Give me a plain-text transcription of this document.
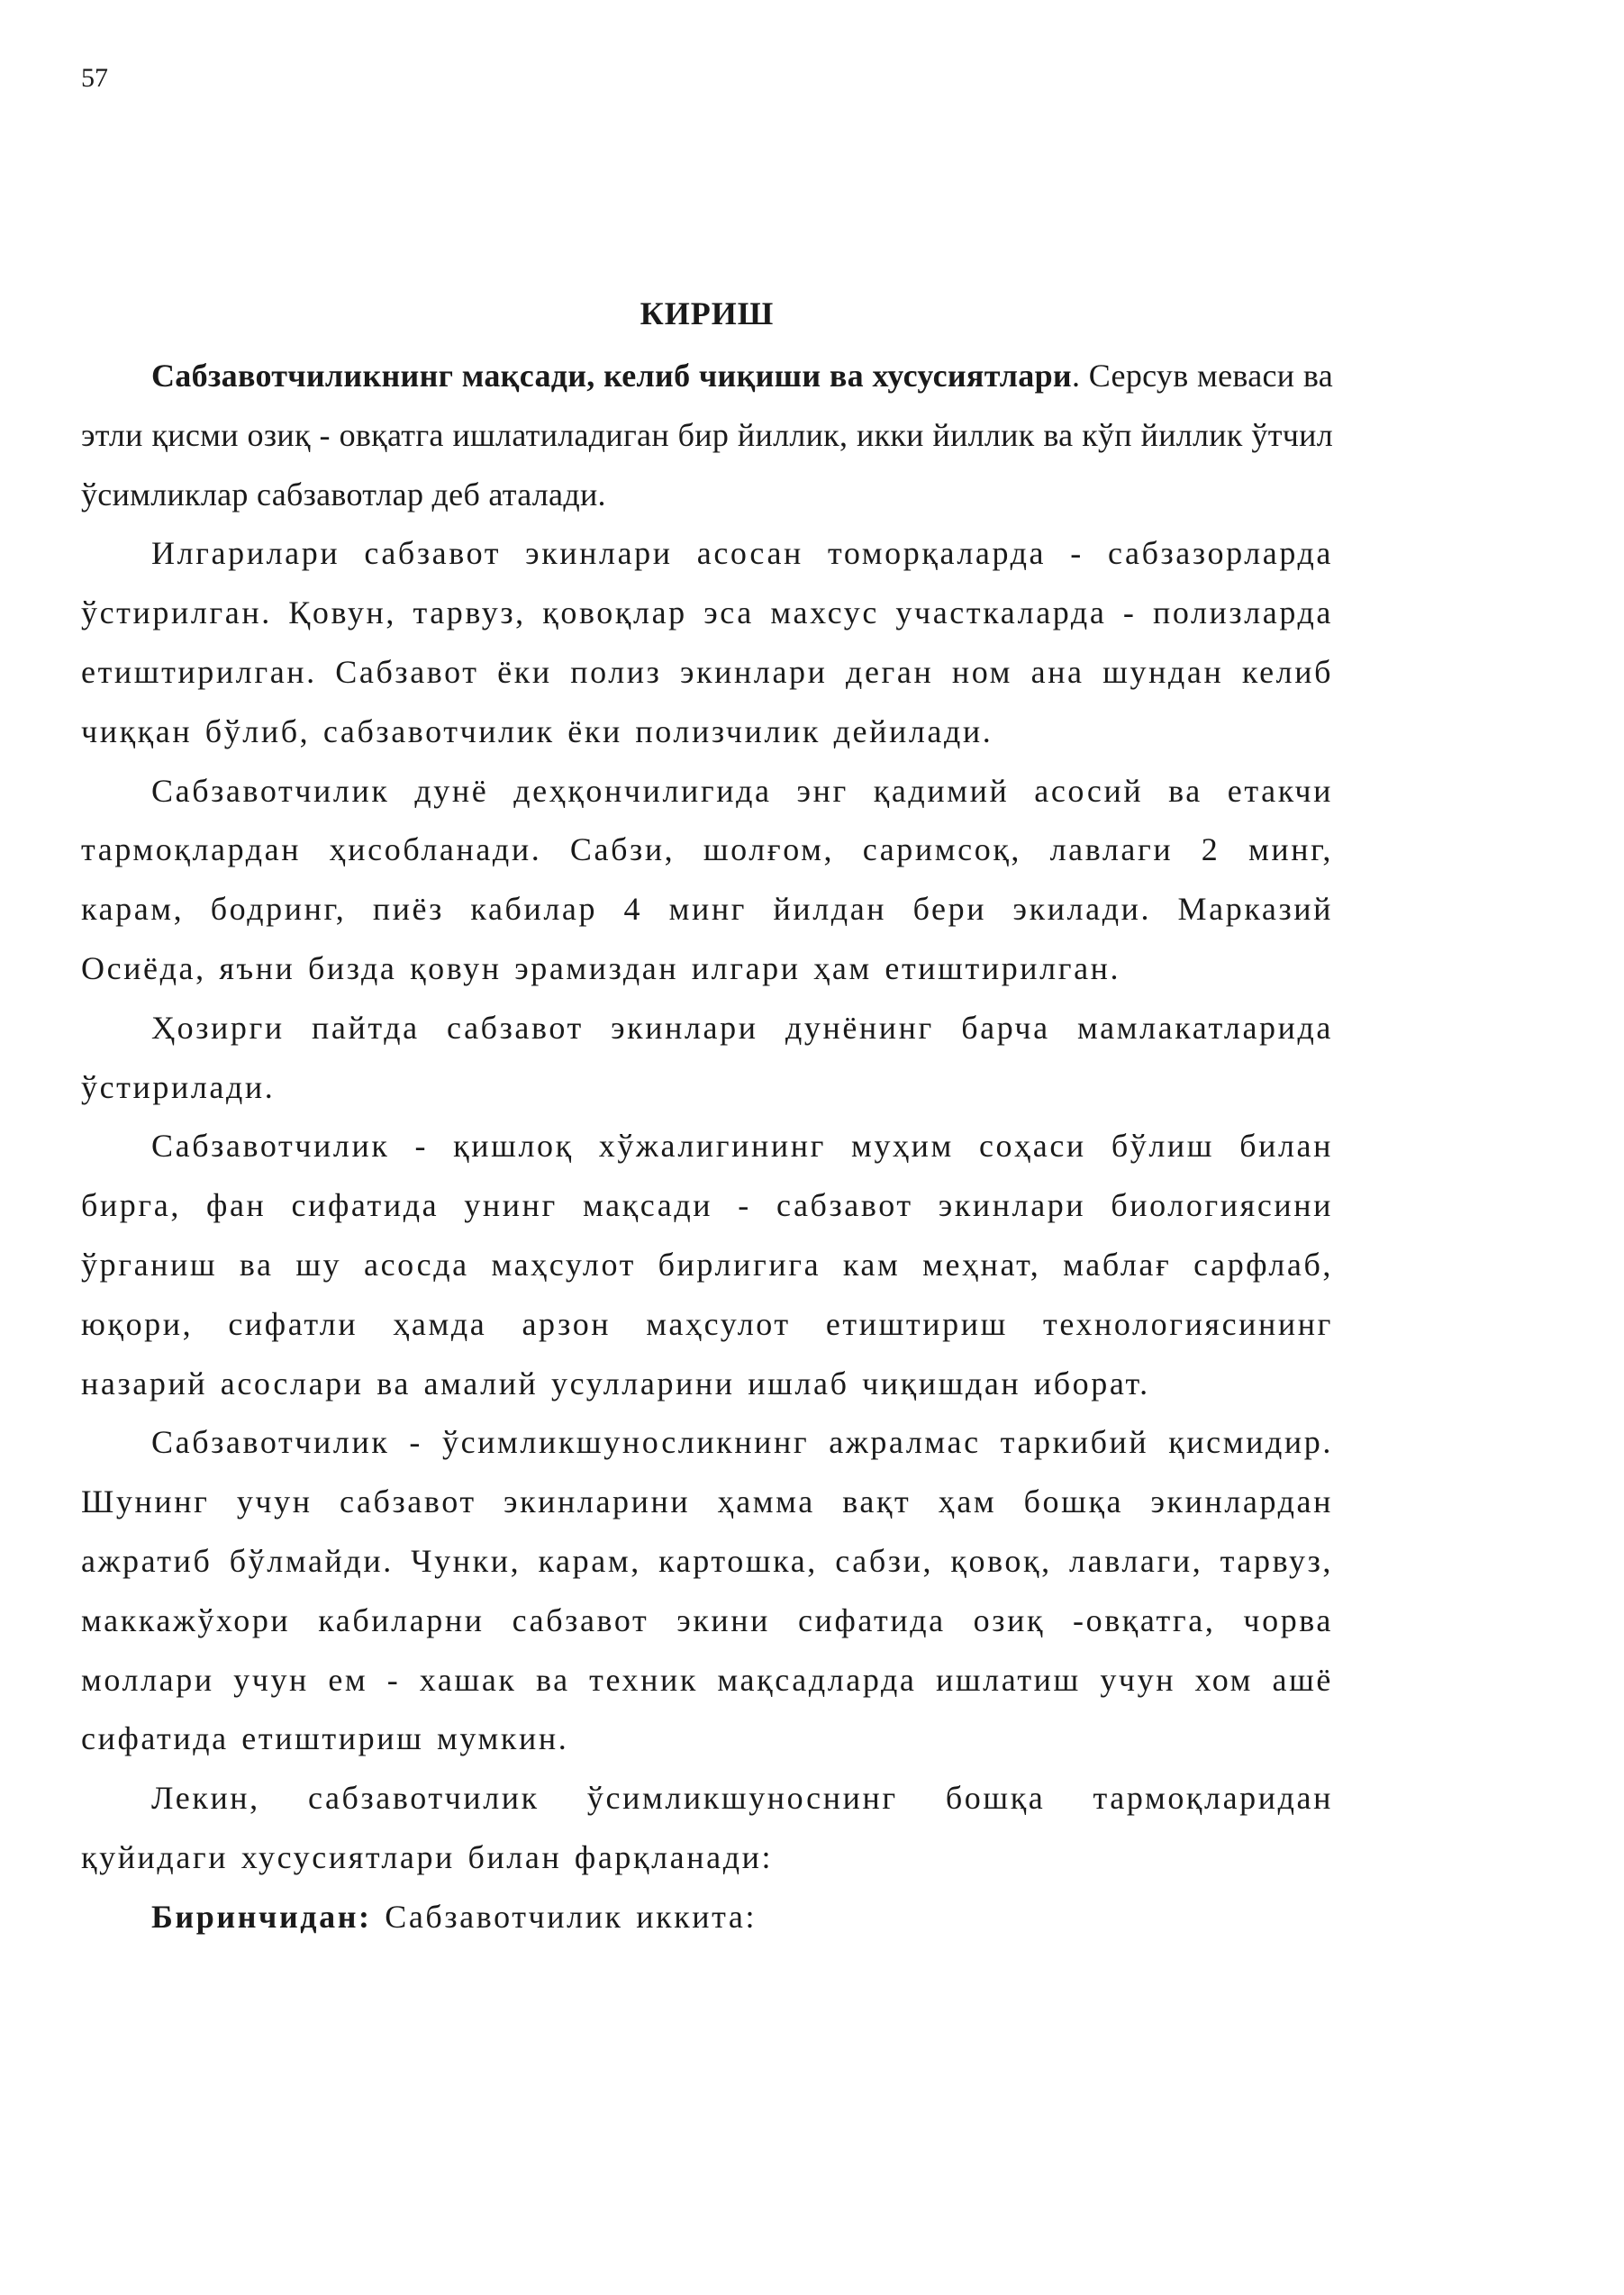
57
КИРИШ

Сабзавотчиликнинг мақсади, келиб чиқиши ва хусусиятлари. Серсув меваси ва этли қисми озиқ - овқатга ишлатиладиган бир йиллик, икки йиллик ва кўп йиллик ўтчил ўсимликлар сабзавотлар деб аталади.

Илгарилари сабзавот экинлари асосан томорқаларда - сабзазорларда ўстирилган. Қовун, тарвуз, қовоқлар эса махсус участкаларда - полизларда етиштирилган. Сабзавот ёки полиз экинлари деган ном ана шундан келиб чиққан бўлиб, сабзавотчилик ёки полизчилик дейилади.

Сабзавотчилик дунё деҳқончилигида энг қадимий асосий ва етакчи тармоқлардан ҳисобланади. Сабзи, шолғом, саримсоқ, лавлаги 2 минг, карам, бодринг, пиёз кабилар 4 минг йилдан бери экилади. Марказий Осиёда, яъни бизда қовун эрамиздан илгари ҳам етиштирилган.

Ҳозирги пайтда сабзавот экинлари дунёнинг барча мамлакатларида ўстирилади.

Сабзавотчилик - қишлоқ хўжалигининг муҳим соҳаси бўлиш билан бирга, фан сифатида унинг мақсади - сабзавот экинлари биологиясини ўрганиш ва шу асосда маҳсулот бирлигига кам меҳнат, маблағ сарфлаб, юқори, сифатли ҳамда арзон маҳсулот етиштириш технологиясининг назарий асослари ва амалий усулларини ишлаб чиқишдан иборат.

Сабзавотчилик - ўсимликшуносликнинг ажралмас таркибий қисмидир. Шунинг учун сабзавот экинларини ҳамма вақт ҳам бошқа экинлардан ажратиб бўлмайди. Чунки, карам, картошка, сабзи, қовоқ, лавлаги, тарвуз, маккажўхори кабиларни сабзавот экини сифатида озиқ -овқатга, чорва моллари учун ем - хашак ва техник мақсадларда ишлатиш учун хом ашё сифатида етиштириш мумкин.

Лекин, сабзавотчилик ўсимликшуноснинг бошқа тармоқларидан қуйидаги хусусиятлари билан фарқланади:

Биринчидан: Сабзавотчилик иккита:
